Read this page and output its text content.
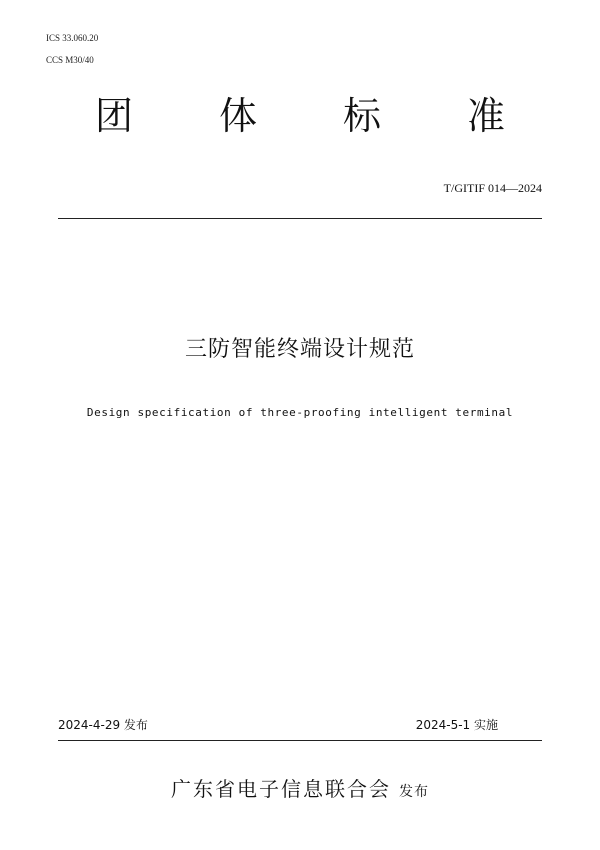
ICS 33.060.20
CCS M30/40
团 体 标 准
T/GITIF 014—2024
三防智能终端设计规范
Design specification of three-proofing intelligent terminal
2024-4-29 发布	2024-5-1 实施
广东省电子信息联合会 发布
